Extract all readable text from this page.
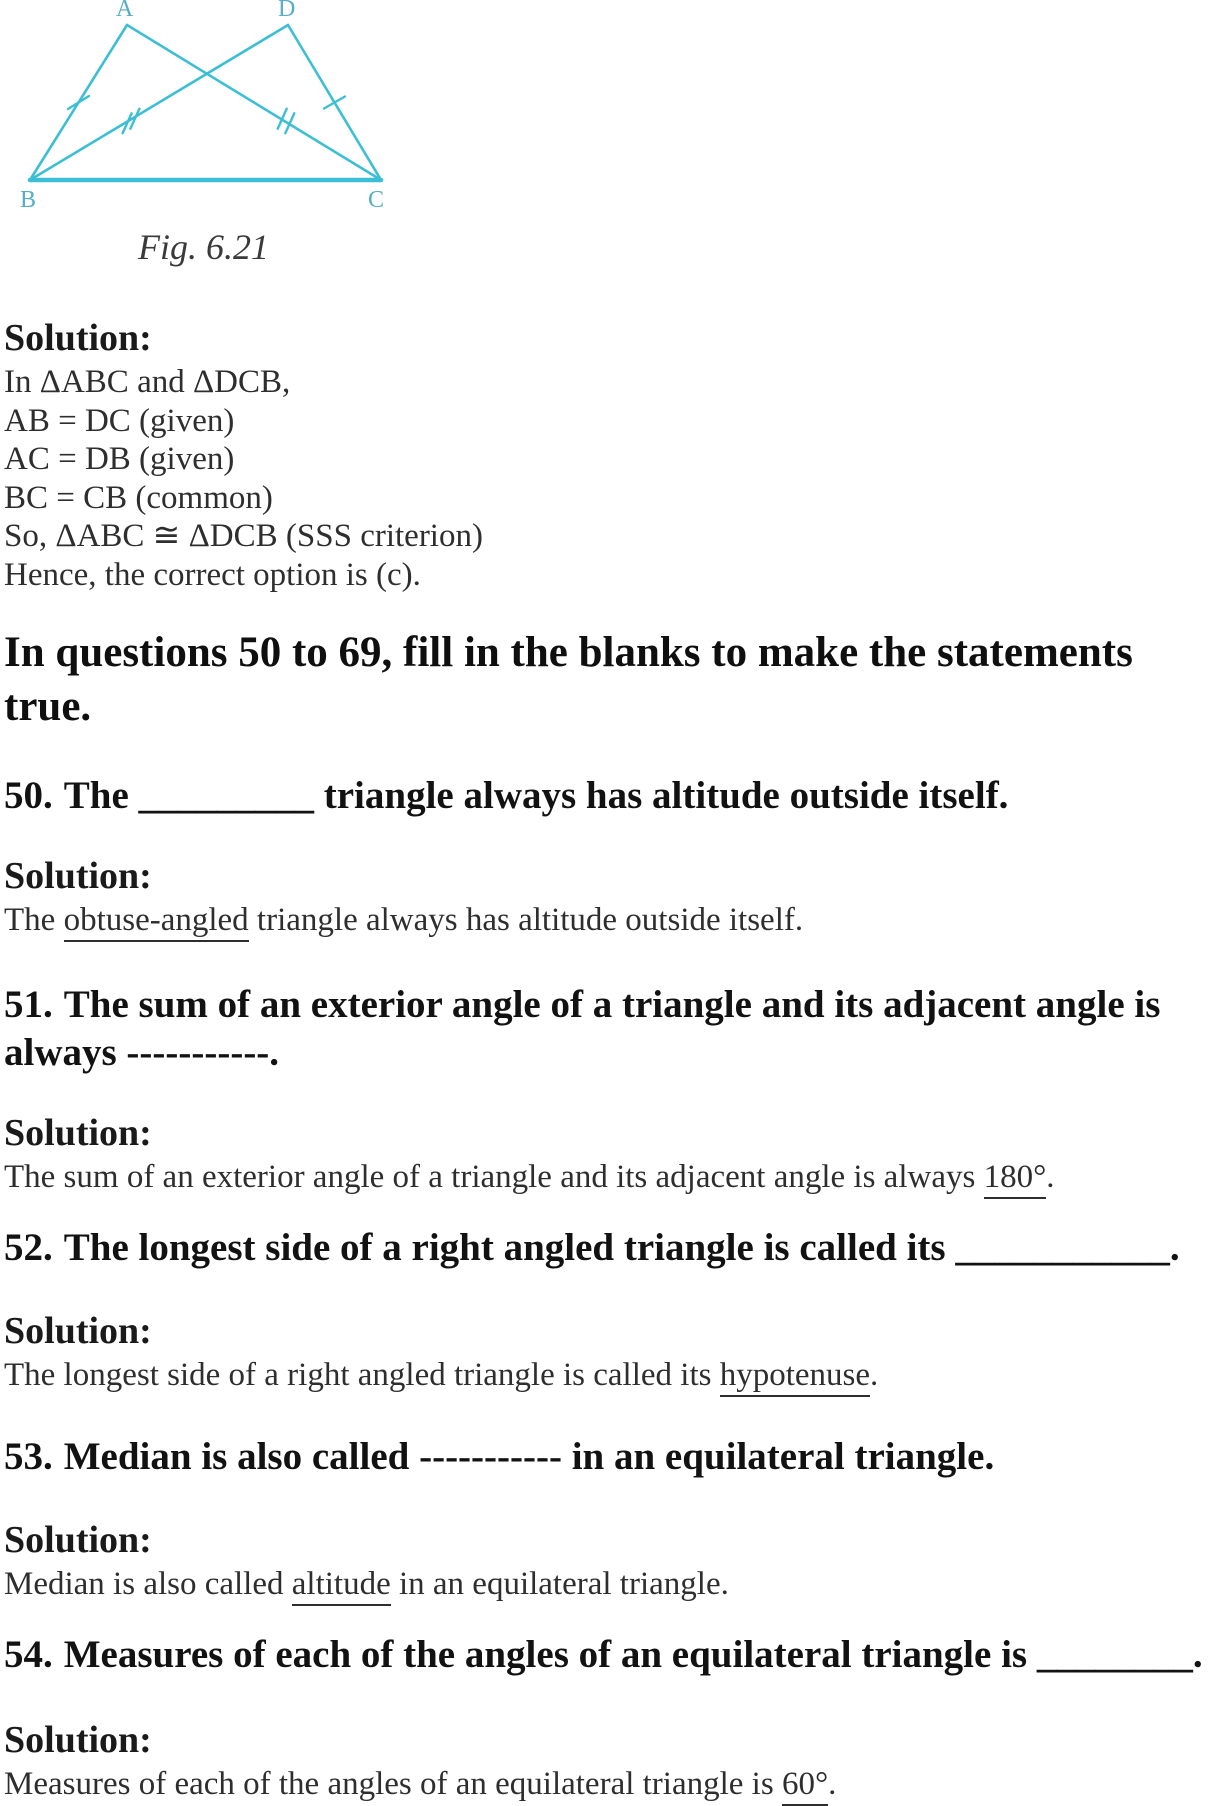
A	D
B	C
Fig. 6.21
Solution:

In ΔABC and ΔDCB,

AB = DC (given)

AC = DB (given)

BC = CB (common)

So, ΔABC ≅ ΔDCB (SSS criterion)

Hence, the correct option is (c).

In questions 50 to 69, fill in the blanks to make the statements
true.

50. The _________ triangle always has altitude outside itself.

Solution:

The obtuse-angled triangle always has altitude outside itself.

51. The sum of an exterior angle of a triangle and its adjacent angle is
always -----------.

Solution:

The sum of an exterior angle of a triangle and its adjacent angle is always 180°.

52. The longest side of a right angled triangle is called its ___________.

Solution:

The longest side of a right angled triangle is called its hypotenuse.

53. Median is also called ----------- in an equilateral triangle.

Solution:

Median is also called altitude in an equilateral triangle.

54. Measures of each of the angles of an equilateral triangle is ________.

Solution:

Measures of each of the angles of an equilateral triangle is 60°.
